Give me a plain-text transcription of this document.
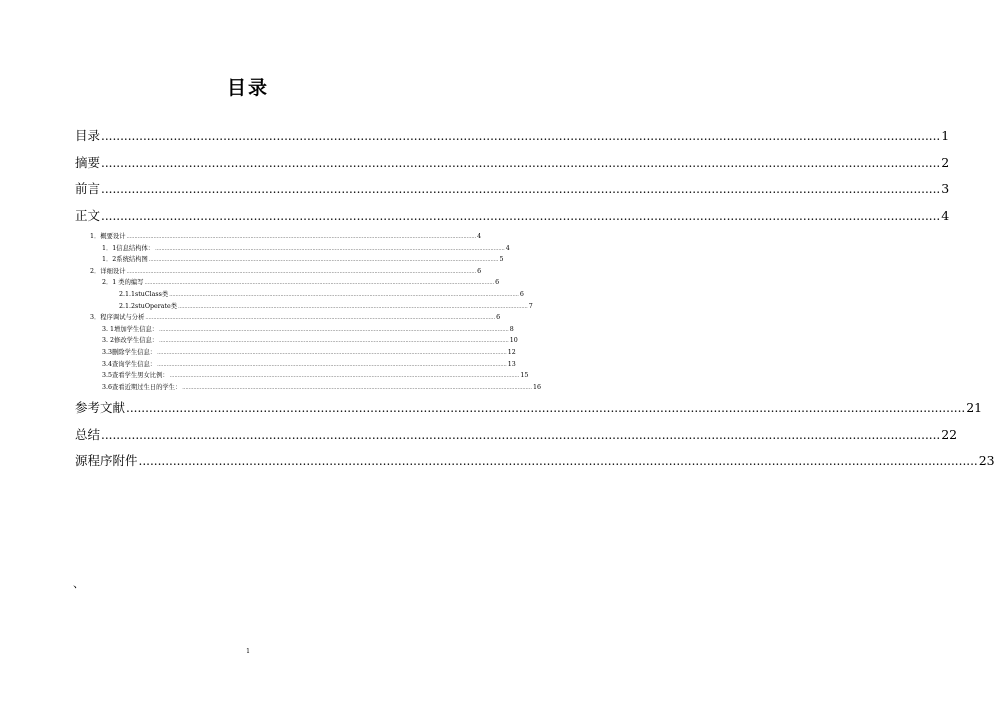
目录
目录 ............................................................................................................................................................................................................................ 1
摘要 ............................................................................................................................................................................................................................ 2
前言 ............................................................................................................................................................................................................................ 3
正文 ............................................................................................................................................................................................................................ 4
1．概要设计 ............................................................................................................................................................................................................................ 4
1．1信息结构体： ............................................................................................................................................................................................................................ 4
1．2系统结构图 ............................................................................................................................................................................................................................ 5
2．详细设计 ............................................................................................................................................................................................................................ 6
2．1 类的编写 ............................................................................................................................................................................................................................ 6
2.1.1stuClass类 ............................................................................................................................................................................................................................ 6
2.1.2stuOperate类 ............................................................................................................................................................................................................................ 7
3．程序调试与分析 ............................................................................................................................................................................................................................ 6
3. 1增加学生信息： ............................................................................................................................................................................................................................ 8
3. 2修改学生信息： ............................................................................................................................................................................................................................ 10
3.3删除学生信息： ............................................................................................................................................................................................................................ 12
3.4查询学生信息： ............................................................................................................................................................................................................................ 13
3.5查看学生男女比例： ............................................................................................................................................................................................................................ 15
3.6查看近期过生日的学生： ............................................................................................................................................................................................................................ 16
参考文献 ............................................................................................................................................................................................................................ 21
总结 ............................................................................................................................................................................................................................ 22
源程序附件 ............................................................................................................................................................................................................................ 23
、
1
